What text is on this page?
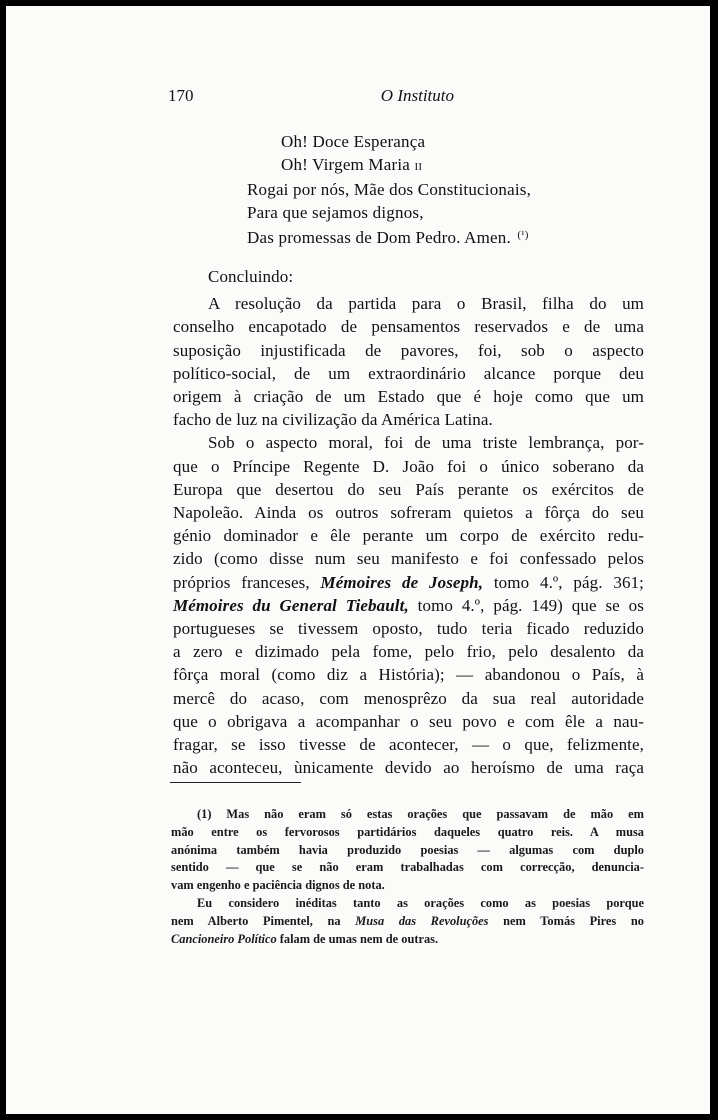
170	O Instituto
Oh! Doce Esperança
Oh! Virgem Maria ii
Rogai por nós, Mãe dos Constitucionais,
Para que sejamos dignos,
Das promessas de Dom Pedro. Amen. $^{(^1)}$

Concluindo:

A resolução da partida para o Brasil, filha do um
conselho encapotado de pensamentos reservados e de uma
suposição injustificada de pavores, foi, sob o aspecto
político-social, de um extraordinário alcance porque deu
origem à criação de um Estado que é hoje como que um
facho de luz na civilização da América Latina.

Sob o aspecto moral, foi de uma triste lembrança, por-
que o Príncipe Regente D. João foi o único soberano da
Europa que desertou do seu País perante os exércitos de
Napoleão. Ainda os outros sofreram quietos a fôrça do seu
génio dominador e êle perante um corpo de exército redu-
zido (como disse num seu manifesto e foi confessado pelos
próprios franceses, Mémoires de Joseph, tomo 4.º, pág. 361;
Mémoires du General Tiebault, tomo 4.º, pág. 149) que se os
portugueses se tivessem oposto, tudo teria ficado reduzido
a zero e dizimado pela fome, pelo frio, pelo desalento da
fôrça moral (como diz a História); — abandonou o País, à
mercê do acaso, com menosprêzo da sua real autoridade
que o obrigava a acompanhar o seu povo e com êle a nau-
fragar, se isso tivesse de acontecer, — o que, felizmente,
não aconteceu, ùnicamente devido ao heroísmo de uma raça

(1) Mas não eram só estas orações que passavam de mão em
mão entre os fervorosos partidários daqueles quatro reis. A musa
anónima também havia produzido poesias — algumas com duplo
sentido — que se não eram trabalhadas com correcção, denuncia-
vam engenho e paciência dignos de nota.

Eu considero inéditas tanto as orações como as poesias porque
nem Alberto Pimentel, na Musa das Revoluções nem Tomás Pires no
Cancioneiro Político falam de umas nem de outras.
